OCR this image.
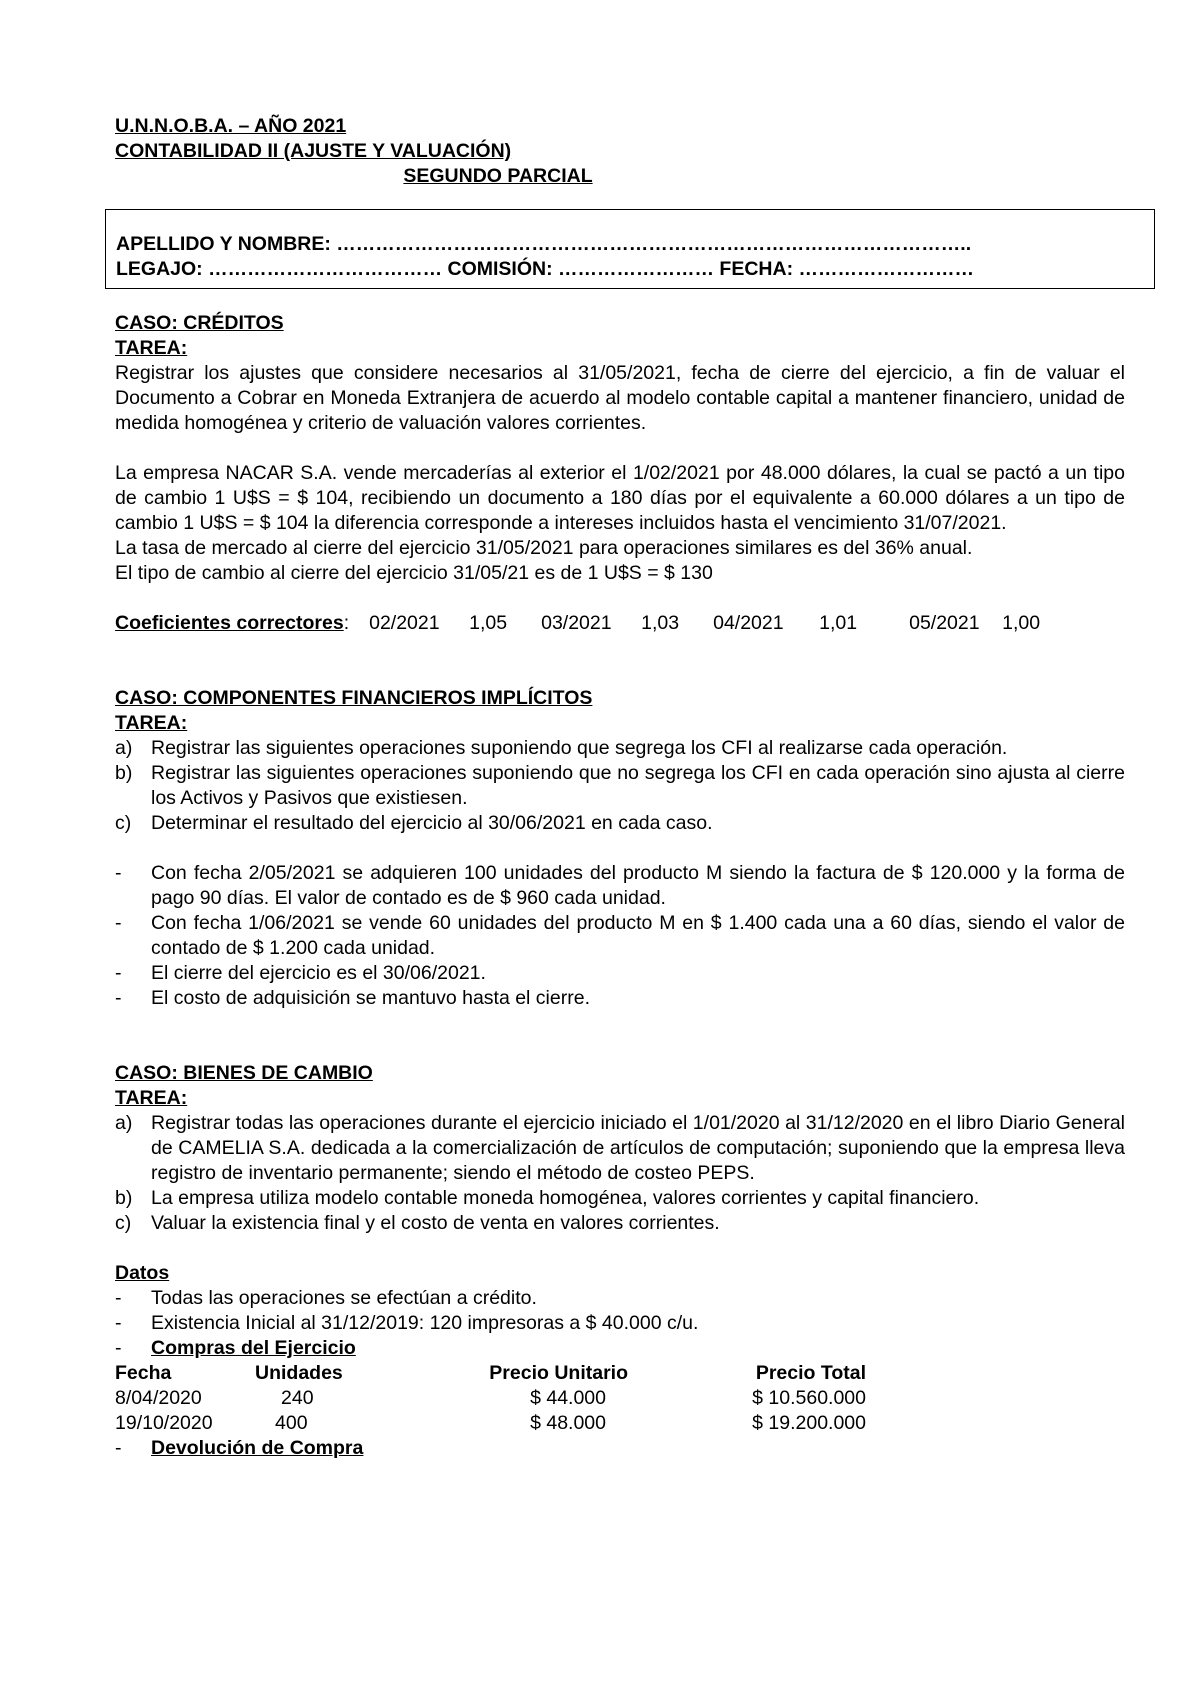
U.N.N.O.B.A. – AÑO 2021
CONTABILIDAD II (AJUSTE Y VALUACIÓN)
SEGUNDO PARCIAL
APELLIDO Y NOMBRE: ……………………………………………………………………………………..
LEGAJO: ……………………………… COMISIÓN: …………………… FECHA: ………………………
CASO: CRÉDITOS
TAREA:
Registrar los ajustes que considere necesarios al 31/05/2021, fecha de cierre del ejercicio, a fin de valuar el Documento a Cobrar en Moneda Extranjera de acuerdo al modelo contable capital a mantener financiero, unidad de medida homogénea y criterio de valuación valores corrientes.
La empresa NACAR S.A. vende mercaderías al exterior el 1/02/2021 por 48.000 dólares, la cual se pactó a un tipo de cambio 1 U$S = $ 104, recibiendo un documento a 180 días por el equivalente a 60.000 dólares a un tipo de cambio 1 U$S = $ 104 la diferencia corresponde a intereses incluidos hasta el vencimiento 31/07/2021.
La tasa de mercado al cierre del ejercicio 31/05/2021 para operaciones similares es del 36% anual.
El tipo de cambio al cierre del ejercicio 31/05/21 es de 1 U$S = $ 130
Coeficientes correctores : 02/2021	1,05	03/2021	1,03	04/2021	1,01	05/2021	1,00
CASO: COMPONENTES FINANCIEROS IMPLÍCITOS
TAREA:
a) Registrar las siguientes operaciones suponiendo que segrega los CFI al realizarse cada operación.
b) Registrar las siguientes operaciones suponiendo que no segrega los CFI en cada operación sino ajusta al cierre los Activos y Pasivos que existiesen.
c)	Determinar el resultado del ejercicio al 30/06/2021 en cada caso.
-	Con fecha 2/05/2021 se adquieren 100 unidades del producto M siendo la factura de $ 120.000 y la forma de pago 90 días. El valor de contado es de $ 960 cada unidad.
-	Con fecha 1/06/2021 se vende 60 unidades del producto M en $ 1.400 cada una a 60 días, siendo el valor de contado de $ 1.200 cada unidad.
-	El cierre del ejercicio es el 30/06/2021.
-	El costo de adquisición se mantuvo hasta el cierre.
CASO: BIENES DE CAMBIO
TAREA:
a) Registrar todas las operaciones durante el ejercicio iniciado el 1/01/2020 al 31/12/2020 en el libro Diario General de CAMELIA S.A. dedicada a la comercialización de artículos de computación; suponiendo que la empresa lleva registro de inventario permanente; siendo el método de costeo PEPS.
b) La empresa utiliza modelo contable moneda homogénea, valores corrientes y capital financiero.
c)	Valuar la existencia final y el costo de venta en valores corrientes.
Datos
-	Todas las operaciones se efectúan a crédito.
-	Existencia Inicial al 31/12/2019: 120 impresoras a $ 40.000 c/u.
-	Compras del Ejercicio
Fecha	Unidades	Precio Unitario	Precio Total
8/04/2020	240	$ 44.000	$ 10.560.000
19/10/2020	400	$ 48.000	$ 19.200.000
-	Devolución de Compra
